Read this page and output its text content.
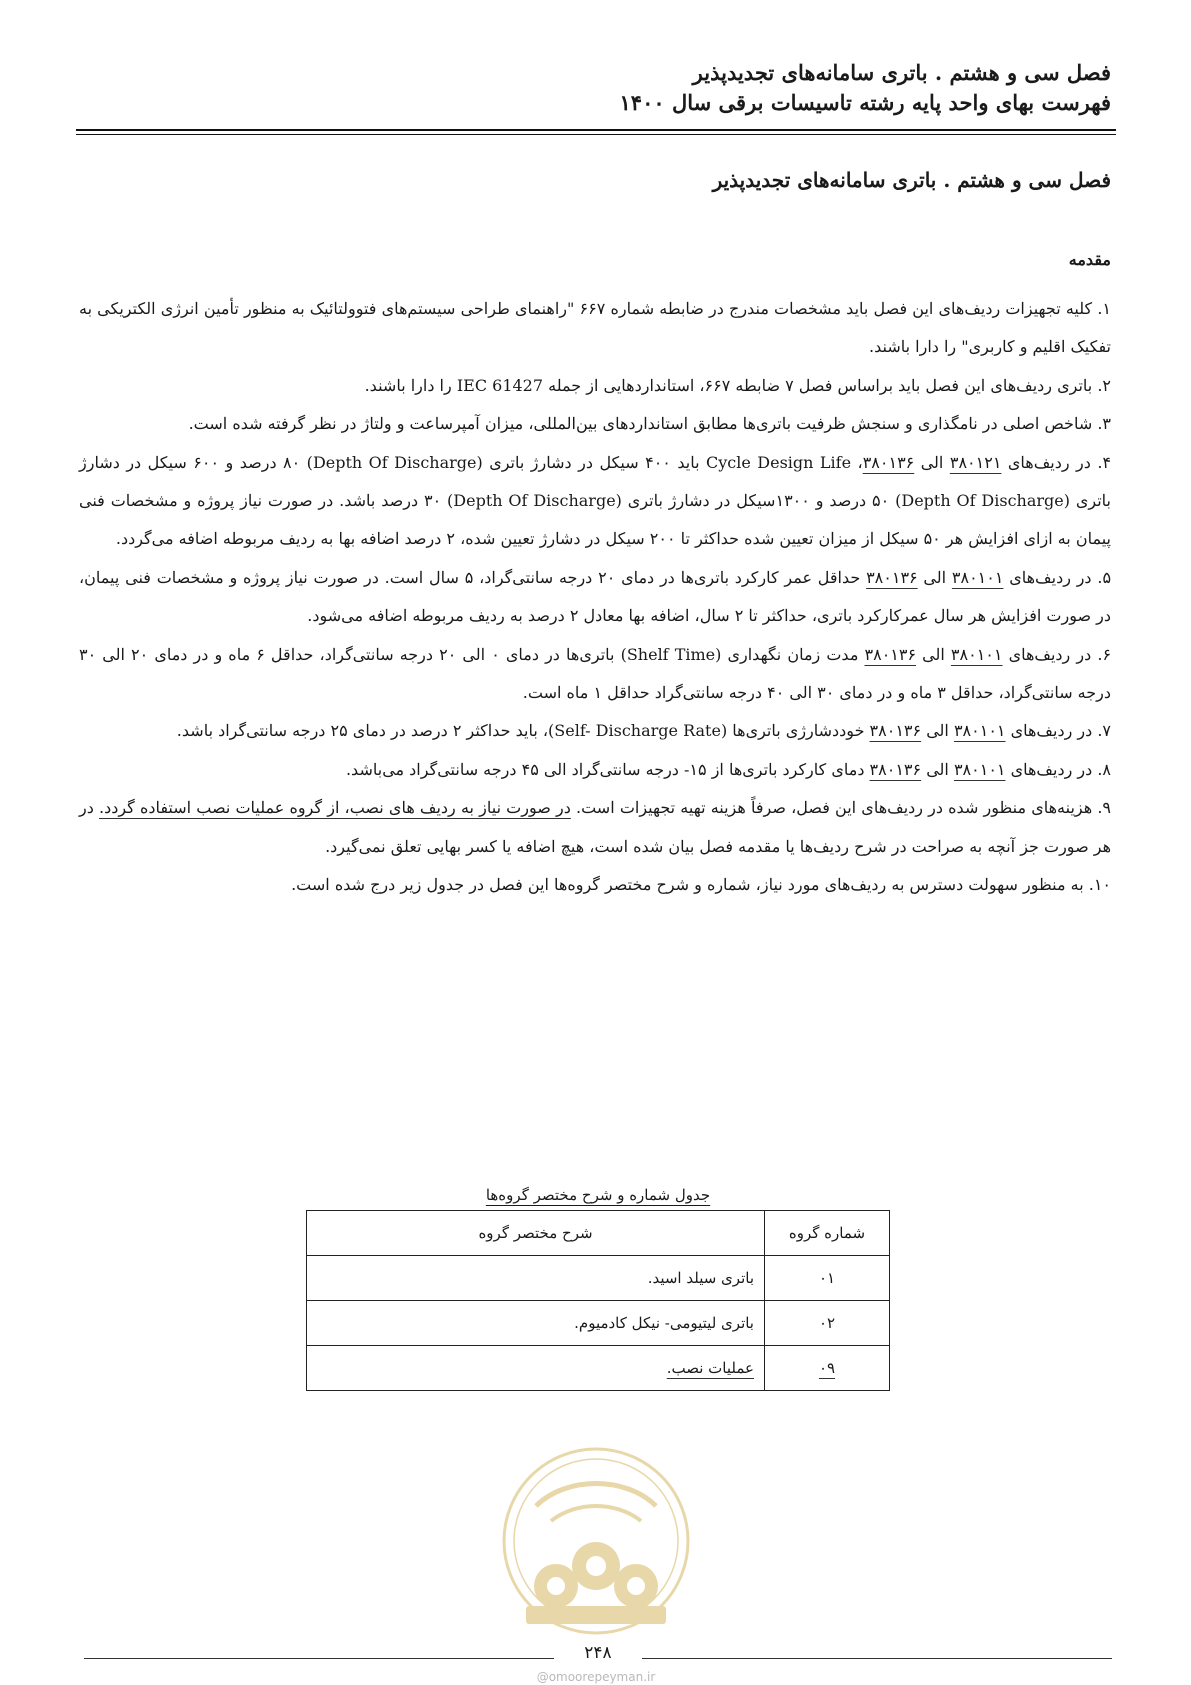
فصل سی و هشتم . باتری سامانه‌های تجدیدپذیر
فهرست بهای واحد پایه رشته تاسیسات برقی سال ۱۴۰۰
فصل سی و هشتم . باتری سامانه‌های تجدیدپذیر
مقدمه

۱. کلیه تجهیزات ردیف‌های این فصل باید مشخصات مندرج در ضابطه شماره ۶۶۷ "راهنمای طراحی سیستم‌های فتوولتائیک به منظور تأمین انرژی الکتریکی به تفکیک اقلیم و کاربری" را دارا باشند.

۲. باتری ردیف‌های این فصل باید براساس فصل ۷ ضابطه ۶۶۷، استانداردهایی از جمله IEC 61427 را دارا باشند.

۳. شاخص اصلی در نامگذاری و سنجش ظرفیت باتری‌ها مطابق استانداردهای بین‌المللی، میزان آمپرساعت و ولتاژ در نظر گرفته شده است.

۴. در ردیف‌های ۳۸۰۱۲۱ الی ۳۸۰۱۳۶، Cycle Design Life باید ۴۰۰ سیکل در دشارژ باتری (Depth Of Discharge) ۸۰ درصد و ۶۰۰ سیکل در دشارژ باتری (Depth Of Discharge) ۵۰ درصد و ۱۳۰۰سیکل در دشارژ باتری (Depth Of Discharge) ۳۰ درصد باشد. در صورت نیاز پروژه و مشخصات فنی پیمان به ازای افزایش هر ۵۰ سیکل از میزان تعیین شده حداکثر تا ۲۰۰ سیکل در دشارژ تعیین شده، ۲ درصد اضافه بها به ردیف مربوطه اضافه می‌گردد.

۵. در ردیف‌های ۳۸۰۱۰۱ الی ۳۸۰۱۳۶ حداقل عمر کارکرد باتری‌ها در دمای ۲۰ درجه سانتی‌گراد، ۵ سال است. در صورت نیاز پروژه و مشخصات فنی پیمان، در صورت افزایش هر سال عمرکارکرد باتری، حداکثر تا ۲ سال، اضافه بها معادل ۲ درصد به ردیف مربوطه اضافه می‌شود.

۶. در ردیف‌های ۳۸۰۱۰۱ الی ۳۸۰۱۳۶ مدت زمان نگهداری (Shelf Time) باتری‌ها در دمای ۰ الی ۲۰ درجه سانتی‌گراد، حداقل ۶ ماه و در دمای ۲۰ الی ۳۰ درجه سانتی‌گراد، حداقل ۳ ماه و در دمای ۳۰ الی ۴۰ درجه سانتی‌گراد حداقل ۱ ماه است.

۷. در ردیف‌های ۳۸۰۱۰۱ الی ۳۸۰۱۳۶ خوددشارژی باتری‌ها (Self- Discharge Rate)، باید حداکثر ۲ درصد در دمای ۲۵ درجه سانتی‌گراد باشد.

۸. در ردیف‌های ۳۸۰۱۰۱ الی ۳۸۰۱۳۶ دمای کارکرد باتری‌ها از ۱۵- درجه سانتی‌گراد الی ۴۵ درجه سانتی‌گراد می‌باشد.

۹. هزینه‌های منظور شده در ردیف‌های این فصل، صرفاً هزینه تهیه تجهیزات است. در صورت نیاز به ردیف های نصب، از گروه عملیات نصب استفاده گردد. در هر صورت جز آنچه به صراحت در شرح ردیف‌ها یا مقدمه فصل بیان شده است، هیچ اضافه یا کسر بهایی تعلق نمی‌گیرد.

۱۰. به منظور سهولت دسترس به ردیف‌های مورد نیاز، شماره و شرح مختصر گروه‌ها این فصل در جدول زیر درج شده است.

جدول شماره و شرح مختصر گروه‌ها
شماره گروه	شرح مختصر گروه
۰۱	باتری سیلد اسید.
۰۲	باتری لیتیومی- نیکل کادمیوم.
۰۹	عملیات نصب.
۲۴۸
@omoorepeyman.ir
